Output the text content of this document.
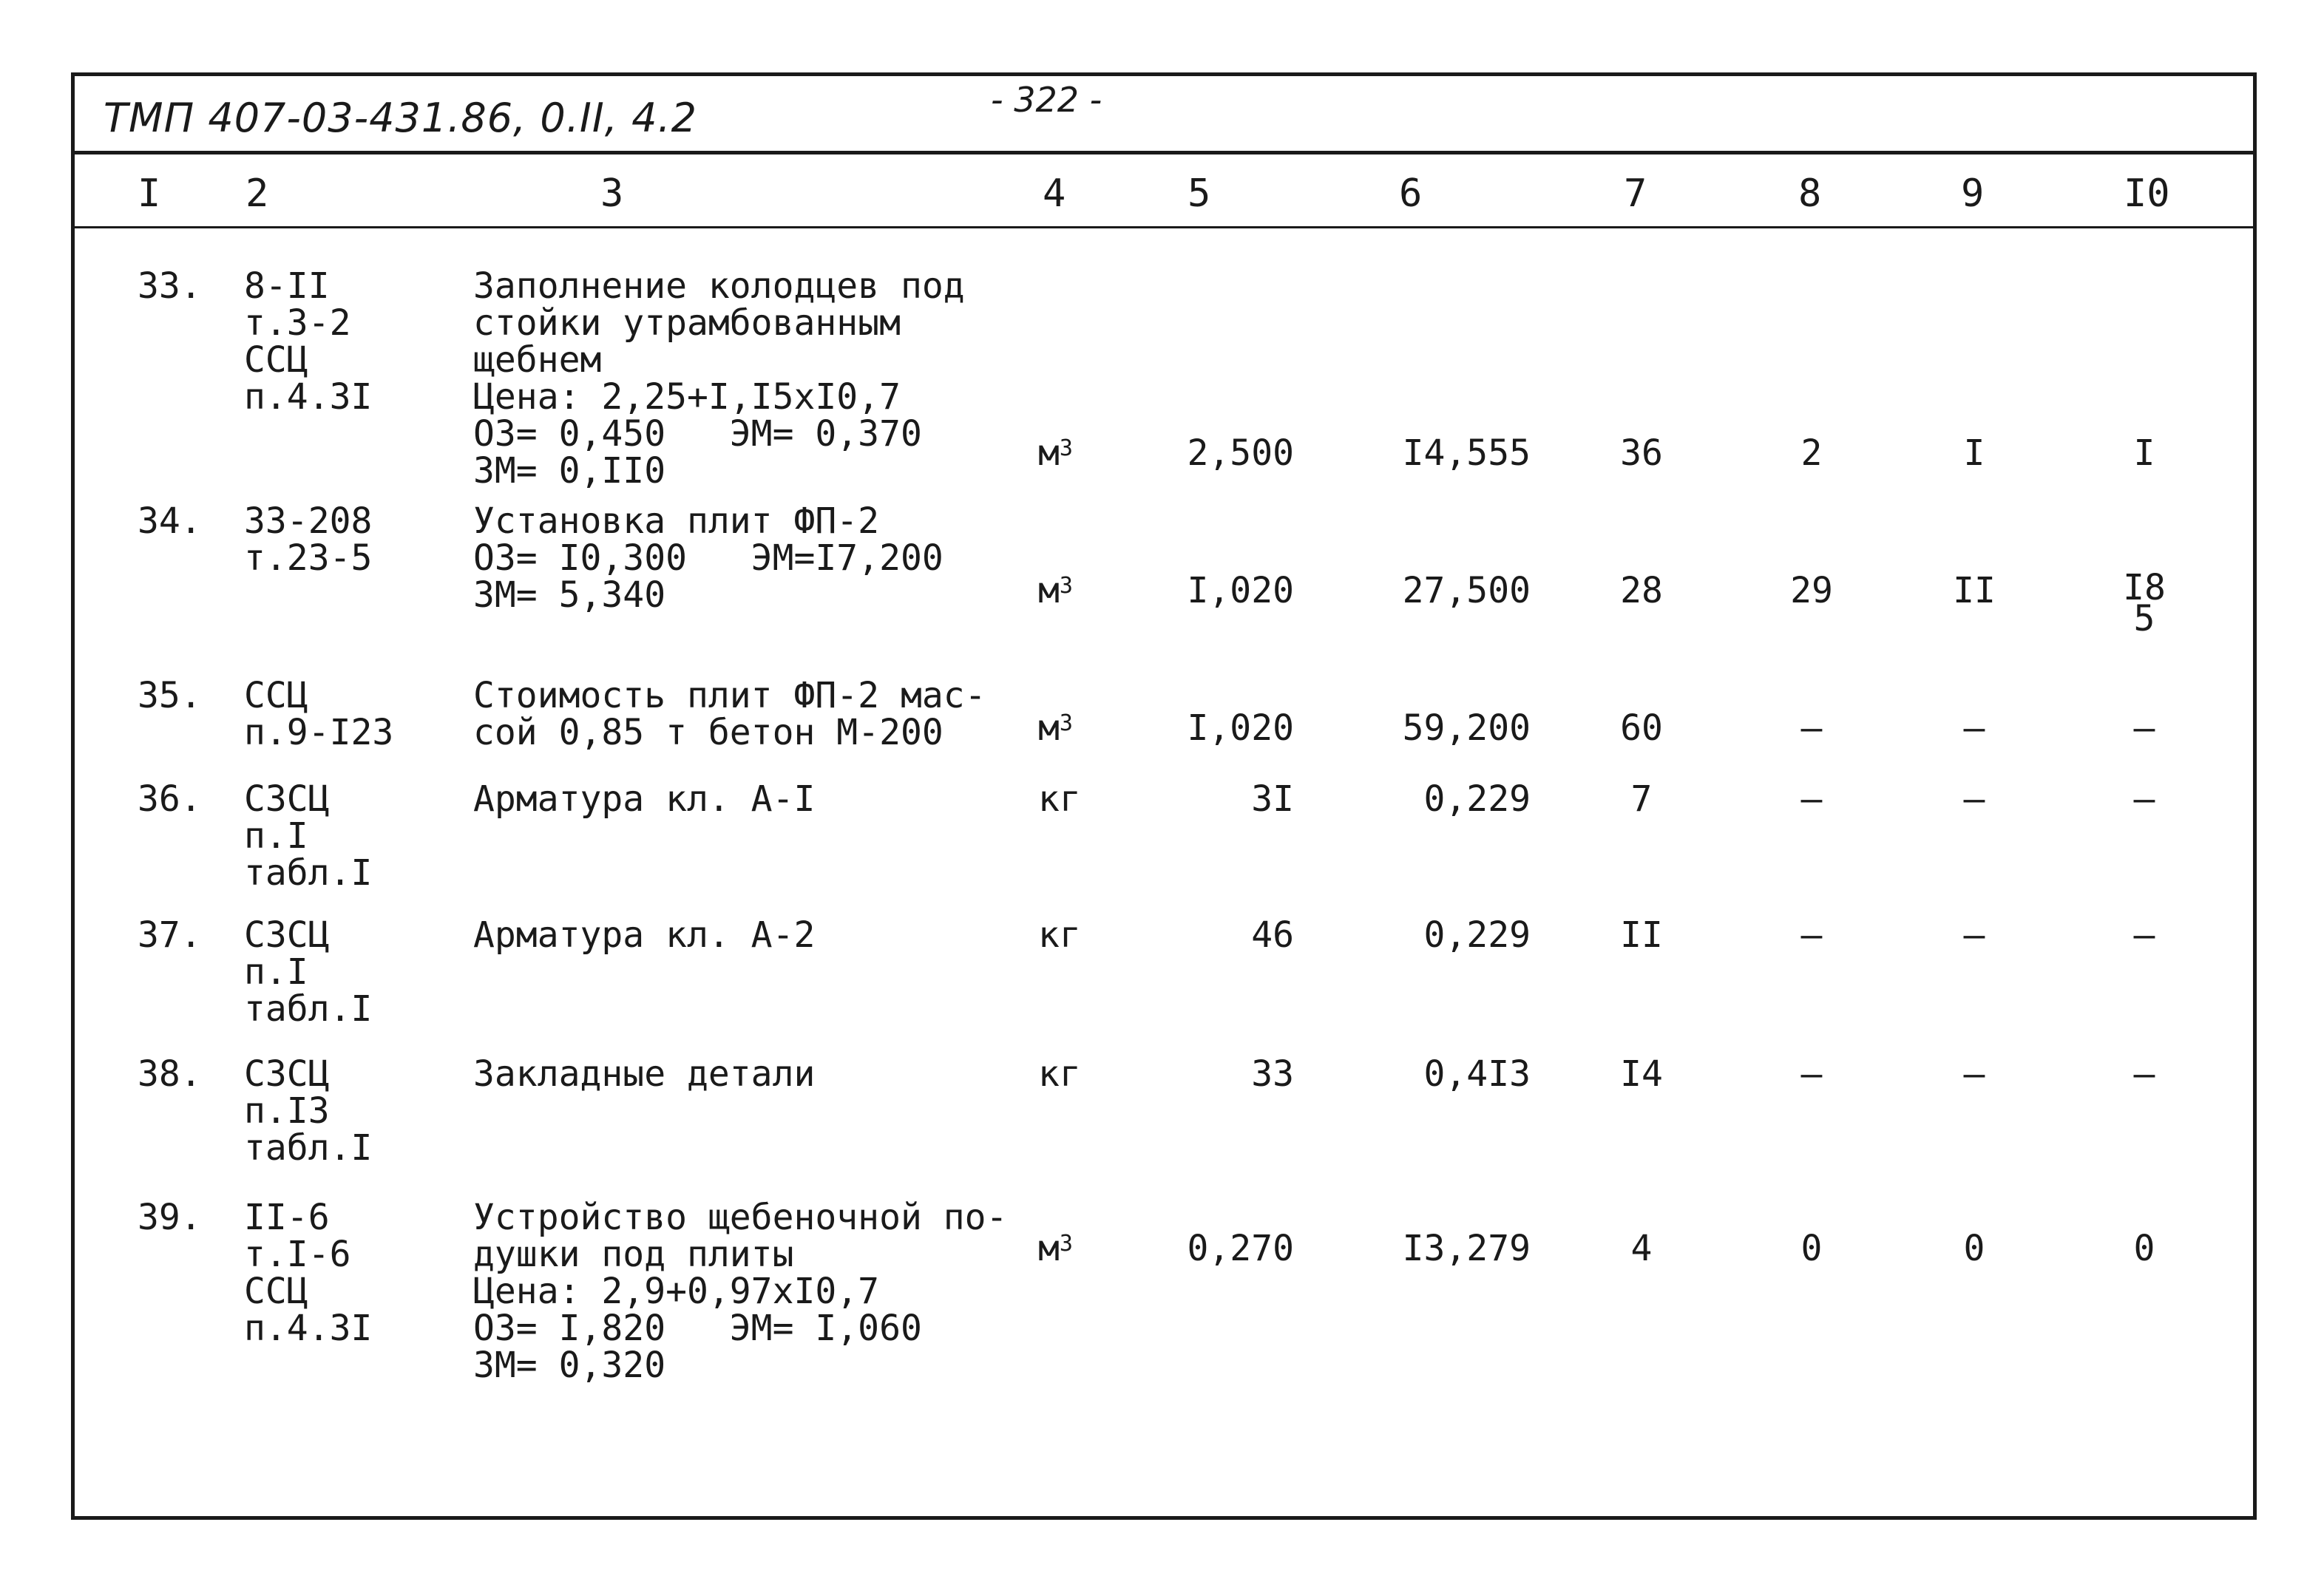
ТМП 407-03-431.86, 0.II, 4.2	- 322 -
I 2	3	4	5	6	7	8	9	I0
33. 8-II
т.3-2
ССЦ
п.4.3I
Заполнение колодцев под
стойки утрамбованным
щебнем
Цена: 2,25+I,I5xI0,7
ОЗ= 0,450   ЭМ= 0,370
ЗМ= 0,II0	$м^3$	2,500	I4,555	36	2	I	I
34. 33-208
т.23-5
Установка плит ФП-2
ОЗ= I0,300   ЭМ=I7,200
ЗМ= 5,340	$м^3$	I,020	27,500	28	29	II	I8
5
35. ССЦ
п.9-I23
Стоимость плит ФП-2 мас-
сой 0,85 т бетон М-200	$м^3$	I,020	59,200	60	–	–	–
36. СЗСЦ
п.I
табл.I
Арматура кл. А-I	кг	3I	0,229	7	–	–	–
37. СЗСЦ
п.I
табл.I
Арматура кл. А-2	кг	46	0,229	II	–	–	–
38. СЗСЦ
п.I3
табл.I
Закладные детали	кг	33	0,4I3	I4	–	–	–
39. II-6
т.I-6
ССЦ
п.4.3I
Устройство щебеночной по-
душки под плиты
Цена: 2,9+0,97xI0,7
ОЗ= I,820   ЭМ= I,060
ЗМ= 0,320
$м^3$	0,270	I3,279	4	0	0	0
